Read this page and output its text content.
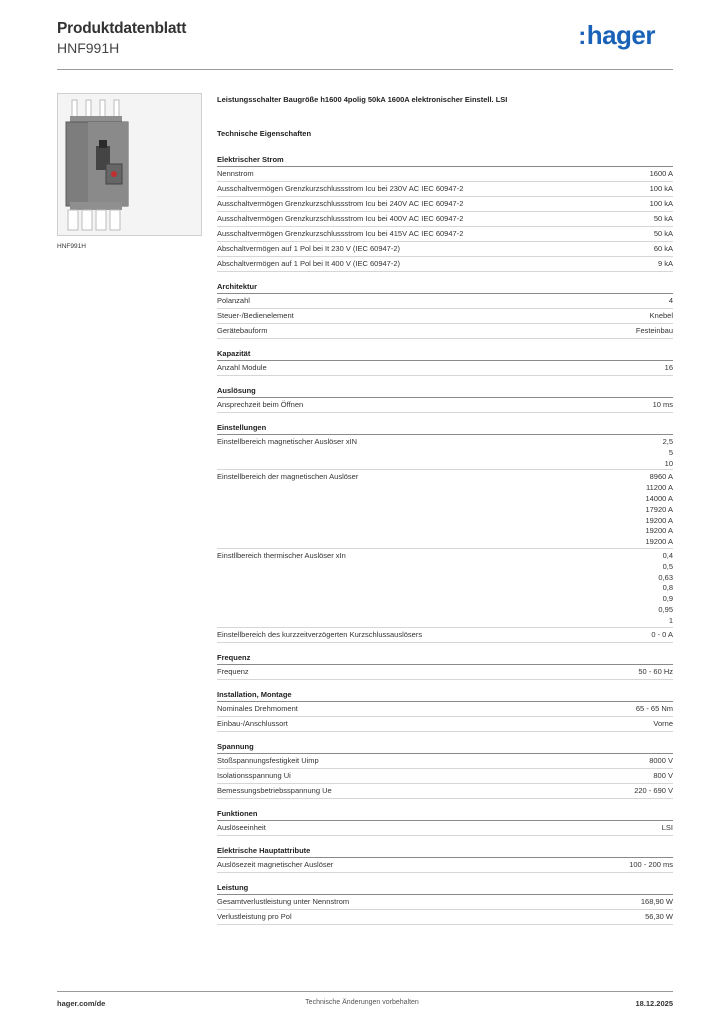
Produktdatenblatt
HNF991H	:hager
HNF991H
Leistungsschalter Baugröße h1600 4polig 50kA 1600A elektronischer Einstell. LSI
Technische Eigenschaften
Elektrischer Strom
Nennstrom	1600 A
Ausschaltvermögen Grenzkurzschlussstrom Icu bei 230V AC IEC 60947-2	100 kA
Ausschaltvermögen Grenzkurzschlussstrom Icu bei 240V AC IEC 60947-2	100 kA
Ausschaltvermögen Grenzkurzschlussstrom Icu bei 400V AC IEC 60947-2	50 kA
Ausschaltvermögen Grenzkurzschlussstrom Icu bei 415V AC IEC 60947-2	50 kA
Abschaltvermögen auf 1 Pol bei It 230 V (IEC 60947-2)	60 kA
Abschaltvermögen auf 1 Pol bei It 400 V (IEC 60947-2)	9 kA
Architektur
Polanzahl	4
Steuer-/Bedienelement	Knebel
Gerätebauform	Festeinbau
Kapazität
Anzahl Module	16
Auslösung
Ansprechzeit beim Öffnen	10 ms
Einstellungen
Einstellbereich magnetischer Auslöser xIN	2,5
5
10
Einstellbereich der magnetischen Auslöser	8960 A
11200 A
14000 A
17920 A
19200 A
19200 A
19200 A
Einstllbereich thermischer Auslöser xIn	0,4
0,5
0,63
0,8
0,9
0,95
1
Einstellbereich des kurzzeitverzögerten Kurzschlussauslösers	0 - 0 A
Frequenz
Frequenz	50 - 60 Hz
Installation, Montage
Nominales Drehmoment	65 - 65 Nm
Einbau-/Anschlussort	Vorne
Spannung
Stoßspannungsfestigkeit Uimp	8000 V
Isolationsspannung Ui	800 V
Bemessungsbetriebsspannung Ue	220 - 690 V
Funktionen
Auslöseeinheit	LSI
Elektrische Hauptattribute
Auslösezeit magnetischer Auslöser	100 - 200 ms
Leistung
Gesamtverlustleistung unter Nennstrom	168,90 W
Verlustleistung pro Pol	56,30 W
hager.com/de	Technische Änderungen vorbehalten	18.12.2025
